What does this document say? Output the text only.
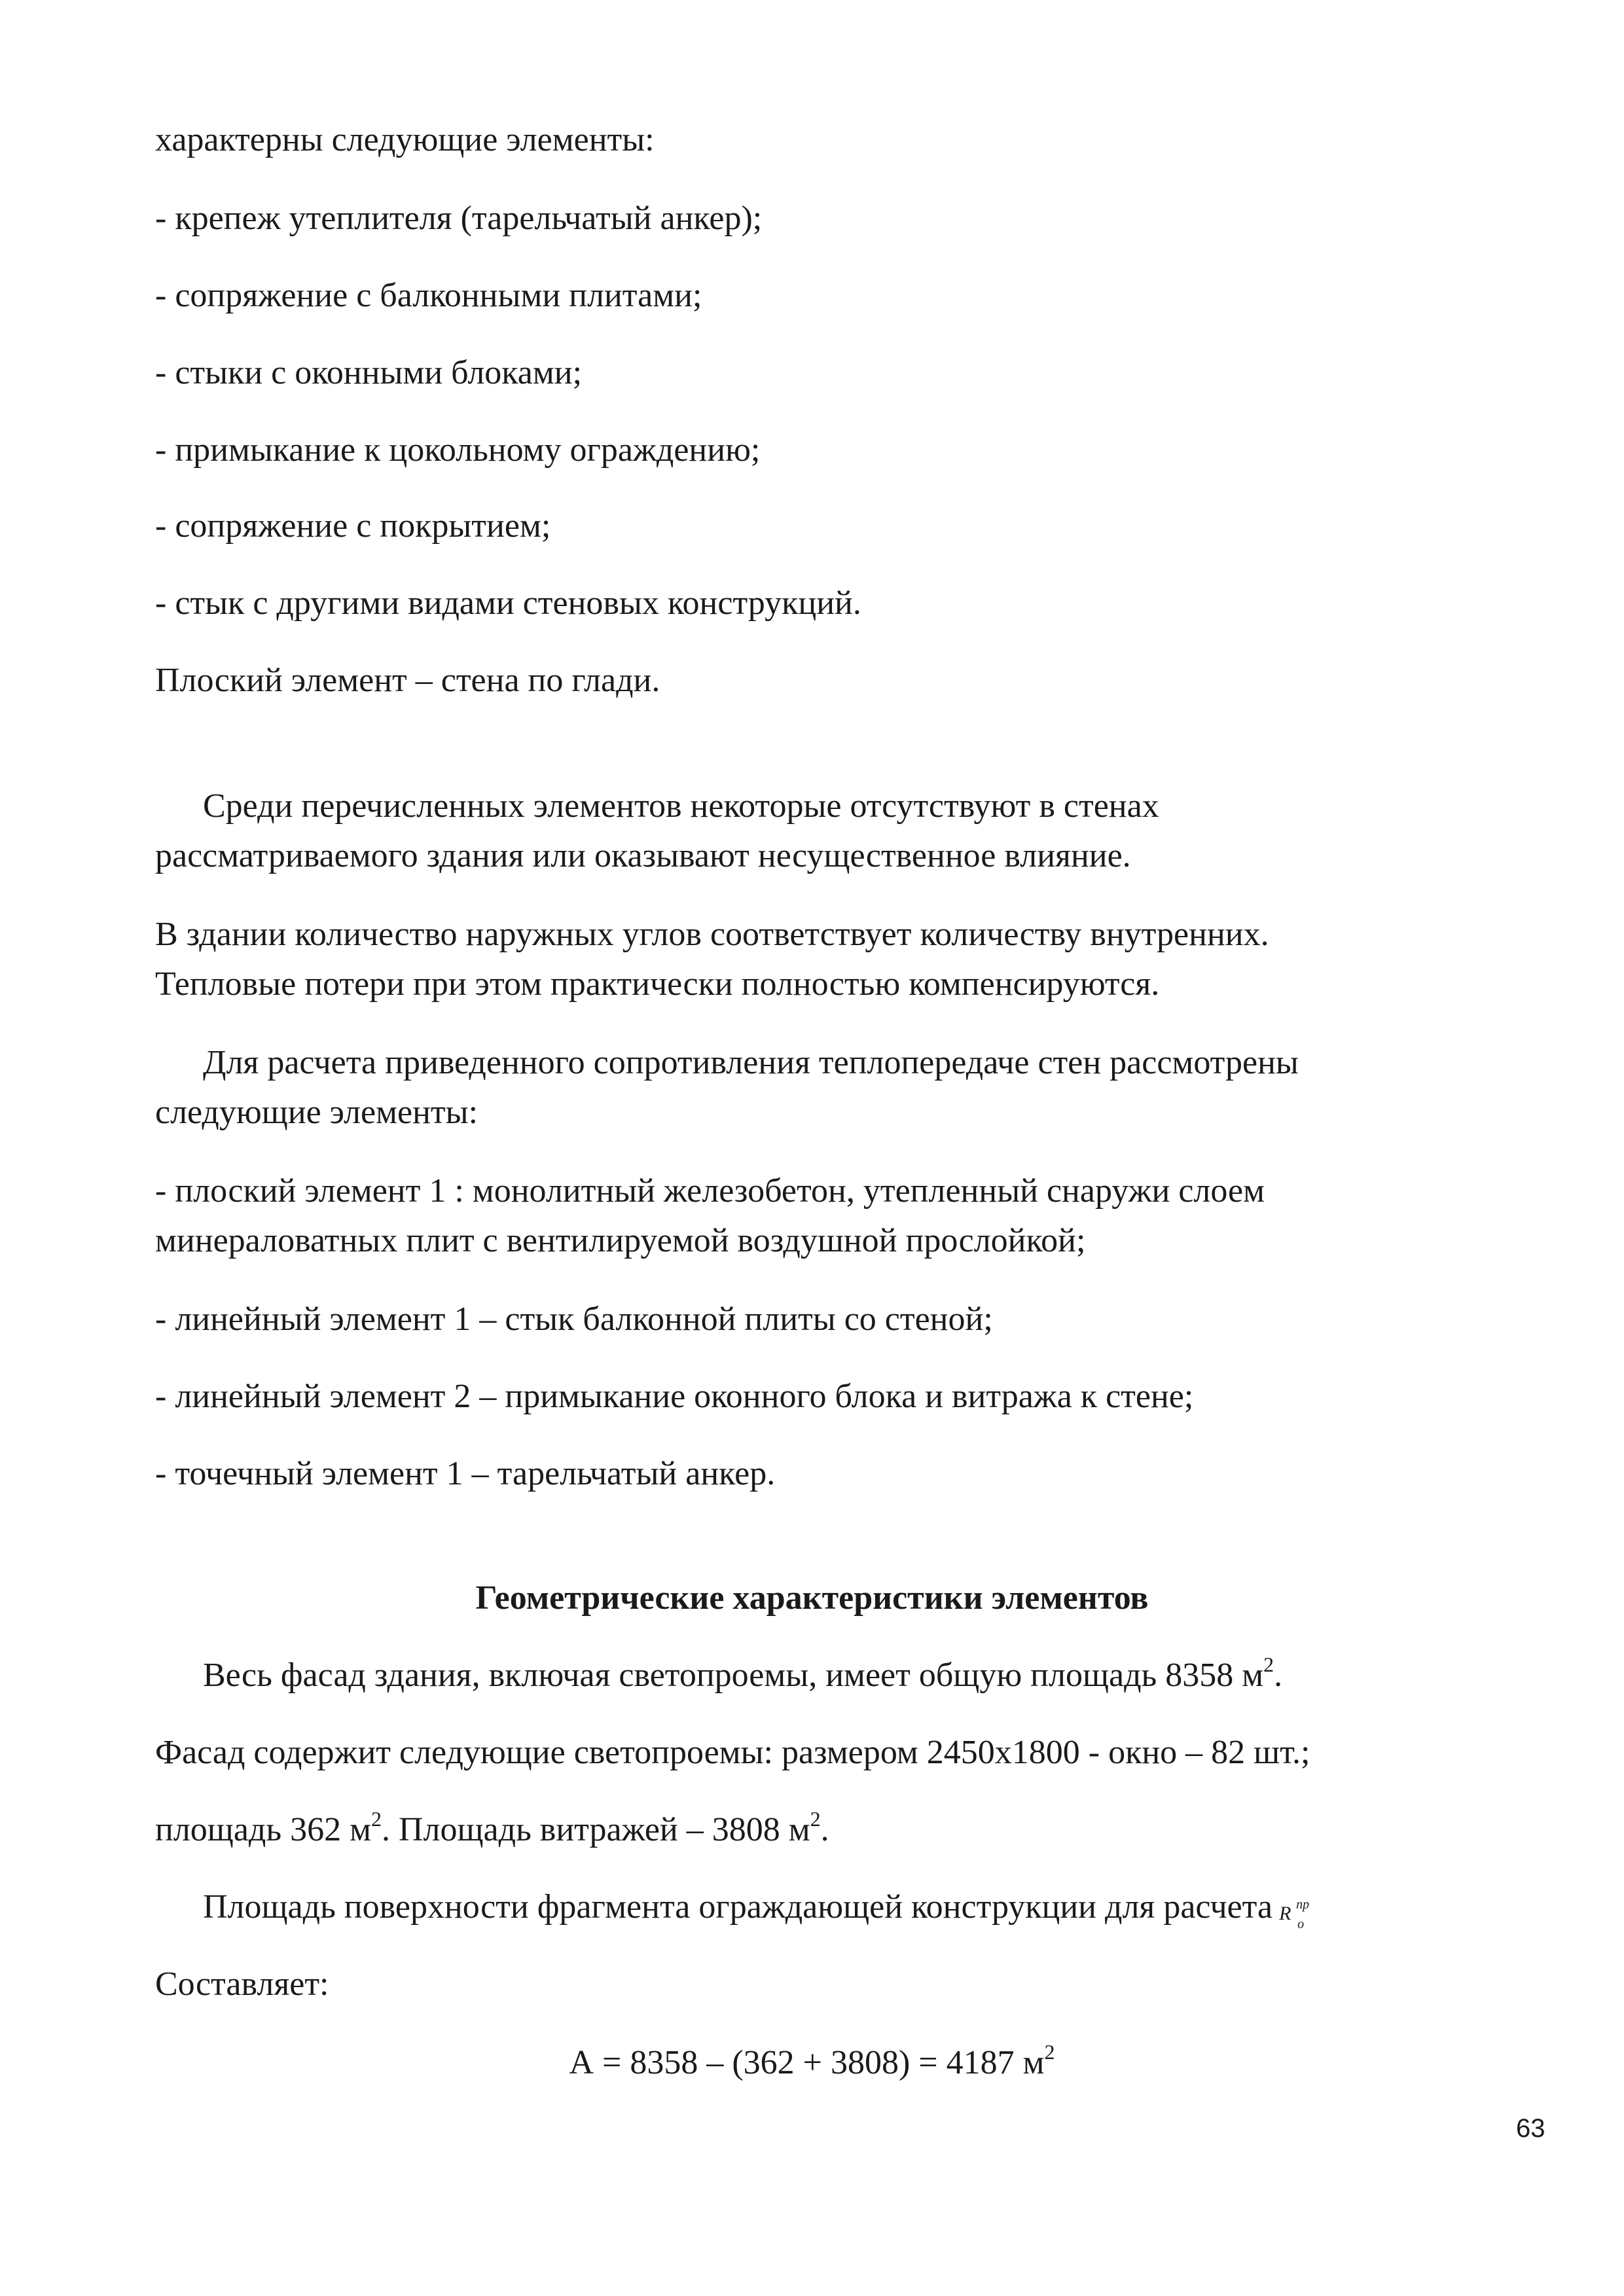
характерны следующие элементы:

- крепеж утеплителя (тарельчатый анкер);

- сопряжение с балконными плитами;

- стыки с оконными блоками;

- примыкание к цокольному ограждению;

- сопряжение с покрытием;

- стык с другими видами стеновых конструкций.

Плоский элемент – стена по глади.

Среди перечисленных элементов некоторые отсутствуют в стенах

рассматриваемого здания или оказывают несущественное влияние.

В здании количество наружных углов соответствует количеству внутренних.

Тепловые потери при этом практически полностью компенсируются.

Для расчета приведенного сопротивления теплопередаче стен рассмотрены

следующие элементы:

- плоский элемент 1 : монолитный железобетон, утепленный снаружи слоем

минераловатных плит с вентилируемой воздушной прослойкой;

- линейный элемент 1 – стык балконной плиты со стеной;

- линейный элемент 2 – примыкание оконного блока и витража к стене;

- точечный элемент 1 – тарельчатый анкер.

Геометрические характеристики элементов

Весь фасад здания, включая светопроемы, имеет общую площадь 8358 $м^2$.

Фасад содержит следующие светопроемы: размером 2450х1800 - окно – 82 шт.;

площадь 362 $м^2$. Площадь витражей – 3808 $м^2$.

Площадь поверхности фрагмента ограждающей конструкции для расчета R пр
o

Составляет:

А = 8358 – (362 + 3808) = 4187 $м^2$

63
